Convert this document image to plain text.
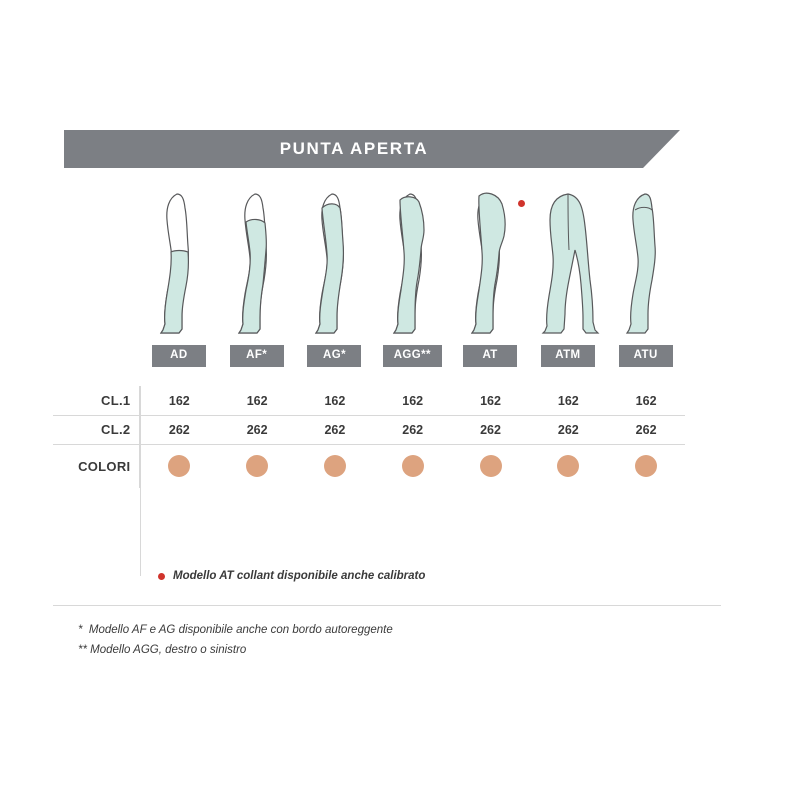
PUNTA APERTA
AD	AF*	AG*	AGG**	AT	ATM	ATU
CL.1	162	162	162	162	162	162	162
CL.2	262	262	262	262	262	262	262
COLORI
Modello AT collant disponibile anche calibrato
*  Modello AF e AG disponibile anche con bordo autoreggente
** Modello AGG, destro o sinistro
